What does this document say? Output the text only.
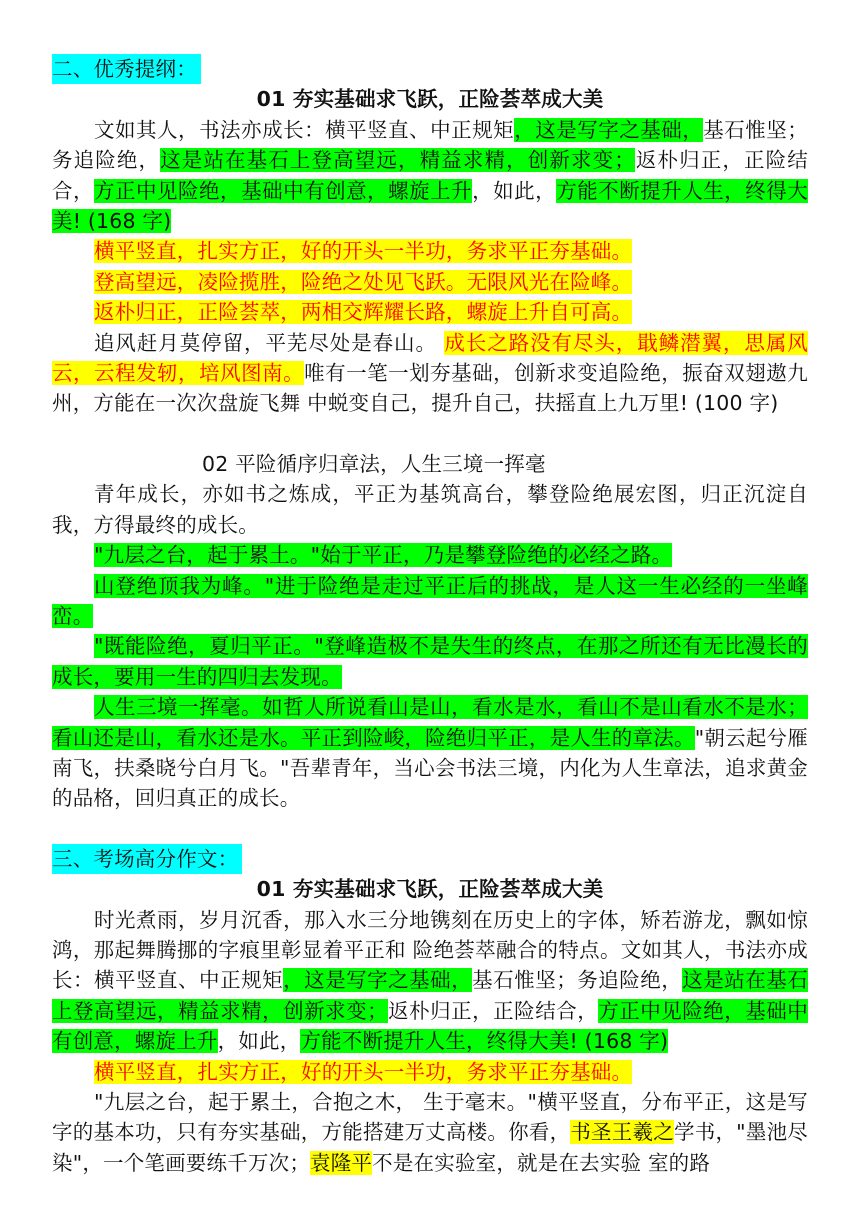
二、优秀提纲：

01 夯实基础求飞跃，正险荟萃成大美

文如其人，书法亦成长：横平竖直、中正规矩，这是写字之基础，基石惟坚；务追险绝，这是站在基石上登高望远，精益求精，创新求变；返朴归正，正险结合，方正中见险绝，基础中有创意，螺旋上升，如此，方能不断提升人生，终得大美! (168 字)

横平竖直，扎实方正，好的开头一半功，务求平正夯基础。

登高望远，凌险揽胜，险绝之处见飞跃。无限风光在险峰。

返朴归正，正险荟萃，两相交辉耀长路，螺旋上升自可高。

追风赶月莫停留，平芜尽处是春山。 成长之路没有尽头，戢鳞潜翼，思属风云，云程发轫，培风图南。唯有一笔一划夯基础，创新求变追险绝，振奋双翅遨九州，方能在一次次盘旋飞舞 中蜕变自己，提升自己，扶摇直上九万里! (100 字)

02 平险循序归章法，人生三境一挥毫

青年成长，亦如书之炼成，平正为基筑高台，攀登险绝展宏图，归正沉淀自我，方得最终的成长。

"九层之台，起于累土。"始于平正，乃是攀登险绝的必经之路。

山登绝顶我为峰。"进于险绝是走过平正后的挑战，是人这一生必经的一坐峰峦。

"既能险绝，夏归平正。"登峰造极不是失生的终点，在那之所还有无比漫长的成长，要用一生的四归去发现。

人生三境一挥毫。如哲人所说看山是山，看水是水，看山不是山看水不是水；看山还是山，看水还是水。平正到险峻，险绝归平正，是人生的章法。"朝云起兮雁南飞，扶桑晓兮白月飞。"吾辈青年，当心会书法三境，内化为人生章法，追求黄金的品格，回归真正的成长。

三、考场高分作文：

01 夯实基础求飞跃，正险荟萃成大美

时光煮雨，岁月沉香，那入水三分地镌刻在历史上的字体，矫若游龙，飘如惊鸿，那起舞腾挪的字痕里彰显着平正和 险绝荟萃融合的特点。文如其人，书法亦成长：横平竖直、中正规矩，这是写字之基础，基石惟坚；务追险绝，这是站在基石上登高望远，精益求精，创新求变；返朴归正，正险结合，方正中见险绝，基础中有创意，螺旋上升，如此，方能不断提升人生，终得大美! (168 字)

横平竖直，扎实方正，好的开头一半功，务求平正夯基础。

"九层之台，起于累土，合抱之木， 生于毫末。"横平竖直，分布平正，这是写字的基本功，只有夯实基础，方能搭建万丈高楼。你看，书圣王羲之学书，"墨池尽染"，一个笔画要练千万次；袁隆平不是在实验室，就是在去实验 室的路
